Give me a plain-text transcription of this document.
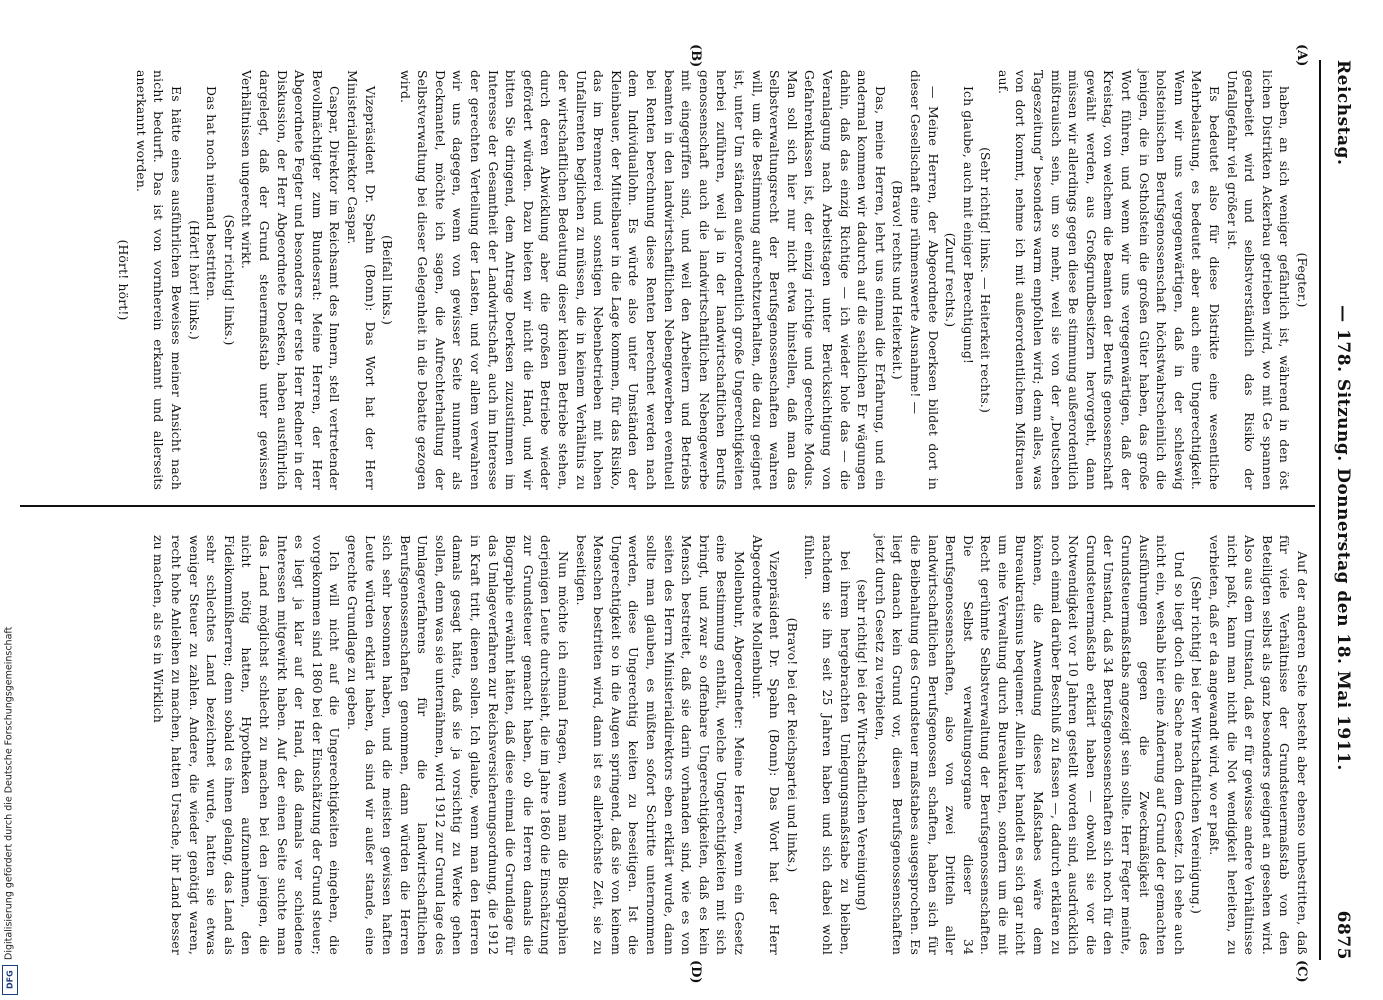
Reichstag.
— 178. Sitzung. Donnerstag den 18. Mai 1911.
6875
(A)
(B)
(C)
(D)

(Fegter.)

haben, an sich weniger gefährlich ist, während in den öst lichen Distrikten Ackerbau getrieben wird, wo mit Ge spannen gearbeitet wird und selbstverständlich das Risiko der Unfallgefahr viel größer ist.

Es bedeutet also für diese Distrikte eine wesentliche Mehrbelastung, es bedeutet aber auch eine Ungerechtigkeit. Wenn wir uns vergegenwärtigen, daß in der schleswig holsteinischen Berufsgenossenschaft höchstwahrscheinlich die jenigen, die in Ostholstein die großen Güter haben, das große Wort führen, und wenn wir uns vergegenwärtigen, daß der Kreistag, von welchem die Beamten der Berufs genossenschaft gewählt werden, aus Großgrundbesitzern hervorgeht, dann müssen wir allerdings gegen diese Be stimmung außerordentlich mißtrauisch sein, um so mehr, weil sie von der „Deutschen Tageszeitung“ besonders warm empfohlen wird; denn alles, was von dort kommt, nehme ich mit außerordentlichem Mißtrauen auf.

(Sehr richtig! links. — Heiterkeit rechts.)

Ich glaube, auch mit einiger Berechtigung!

(Zuruf rechts.)

— Meine Herren, der Abgeordnete Doerksen bildet dort in dieser Gesellschaft eine rühmenswerte Ausnahme! —

(Bravo! rechts und Heiterkeit.)

Das, meine Herren, lehrt uns einmal die Erfahrung, und ein andermal kommen wir dadurch auf die sachlichen Er wägungen dahin, daß das einzig Richtige — ich wieder hole das — die Veranlagung nach Arbeitstagen unter Berücksichtigung von Gefahrenklassen ist, der einzig richtige und gerechte Modus. Man soll sich hier nur nicht etwa hinstellen, daß man das Selbstverwaltungsrecht der Berufsgenossenschaften wahren will, um die Bestimmung aufrechtzuerhalten, die dazu geeignet ist, unter Um ständen außerordentlich große Ungerechtigkeiten herbei zuführen, weil ja in der landwirtschaftlichen Berufs genossenschaft auch die landwirtschaftlichen Nebengewerbe mit eingegriffen sind, und weil den Arbeitern und Betriebs beamten in den landwirtschaftlichen Nebengewerben eventuell bei Renten berechnung diese Renten berechnet werden nach dem Individuallohn. Es würde also unter Umständen der Kleinbauer, der Mittelbauer in die Lage kommen, für das Risiko, das im Brennerei und sonstigen Nebenbetrieben mit hohen Unfallrenten beglichen zu müssen, die in keinem Verhältnis zu der wirtschaftlichen Bedeutung dieser kleinen Betriebe stehen, durch deren Abwicklung aber die großen Betriebe wieder gefördert würden. Dazu bieten wir nicht die Hand, und wir bitten Sie dringend, dem Antrage Doerksen zuzustimmen im Interesse der Gesamtheit der Landwirtschaft, auch im Interesse der gerechten Verteilung der Lasten, und vor allem verwahren wir uns dagegen, wenn von gewisser Seite nunmehr als Deckmantel, möchte ich sagen, die Aufrechterhaltung der Selbstverwaltung bei dieser Gelegenheit in die Debatte gezogen wird.

(Beifall links.)

Vizepräsident Dr. Spahn (Bonn): Das Wort hat der Herr Ministerialdirektor Caspar.

Caspar, Direktor im Reichsamt des Innern, stell vertretender Bevollmächtigter zum Bundesrat: Meine Herren, der Herr Abgeordnete Fegter und besonders der erste Herr Redner in der Diskussion, der Herr Abgeordnete Doerksen, haben ausführlich dargelegt, daß der Grund steuermaßstab unter gewissen Verhältnissen ungerecht wirkt.

(Sehr richtig! links.)

Das hat noch niemand bestritten.

(Hört! hört! links.)

Es hätte eines ausführlichen Beweises meiner Ansicht nach nicht bedurft. Das ist von vornherein erkannt und allerseits anerkannt worden.

(Hört! hört!)

Auf der anderen Seite besteht aber ebenso unbestritten, daß für viele Verhältnisse der Grundsteuermaßstab von den Beteiligten selbst als ganz besonders geeignet an gesehen wird. Also aus dem Umstand, daß er für gewisse andere Verhältnisse nicht paßt, kann man nicht die Not wendigkeit herleiten, zu verbieten, daß er da angewandt wird, wo er paßt.

(Sehr richtig! bei der Wirtschaftlichen Vereinigung.)

Und so liegt doch die Sache nach dem Gesetz. Ich sehe auch nicht ein, weshalb hier eine Änderung auf Grund der gemachten Ausführungen gegen die Zweckmäßigkeit des Grundsteuermaßstabs angezeigt sein sollte. Herr Fegter meinte, der Umstand, daß 34 Berufsgenossenschaften sich noch für den Grundsteuermaßstab erklärt haben — obwohl sie vor die Notwendigkeit vor 10 Jahren gestellt worden sind, ausdrücklich noch einmal darüber Beschluß zu fassen —, dadurch erklären zu können, die Anwendung dieses Maßstabes wäre dem Bureaukratismus bequemer. Allein hier handelt es sich gar nicht um eine Verwaltung durch Bureaukraten, sondern um die mit Recht gerühmte Selbstverwaltung der Berufsgenossenschaften. Die Selbst verwaltungsorgane dieser 34 Berufsgenossenschaften, also von zwei Dritteln aller landwirtschaftlichen Berufsgenossen schaften, haben sich für die Beibehaltung des Grundsteuer maßstabes ausgesprochen. Es liegt danach kein Grund vor, diesen Berufsgenossenschaften jetzt durch Gesetz zu verbieten,

(sehr richtig! bei der Wirtschaftlichen Vereinigung)

bei ihrem hergebrachten Umlegungsmaßstabe zu bleiben, nachdem sie ihn seit 25 Jahren haben und sich dabei wohl fühlen.

(Bravo! bei der Reichspartei und links.)

Vizepräsident Dr. Spahn (Bonn): Das Wort hat der Herr Abgeordnete Mollenbuhr.

Mollenbuhr, Abgeordneter: Meine Herren, wenn ein Gesetz eine Bestimmung enthält, welche Ungerechtigkeiten mit sich bringt, und zwar so offenbare Ungerechtigkeiten, daß es kein Mensch bestreitet, daß sie darin vorhanden sind, wie es von seiten des Herrn Ministerialdirektors eben erklärt wurde, dann sollte man glauben, es müßten sofort Schritte unternommen werden, diese Ungerechtig keiten zu beseitigen. Ist die Ungerechtigkeit so in die Augen springend, daß sie von keinem Menschen bestritten wird, dann ist es allerhöchste Zeit, sie zu beseitigen.

Nun möchte ich einmal fragen, wenn man die Biographien derjenigen Leute durchsieht, die im Jahre 1860 die Einschätzung zur Grundsteuer gemacht haben, ob die Herren damals die Biographie erwähnt hätten, daß diese einmal die Grundlage für das Umlageverfahren zur Reichsversicherungsordnung, die 1912 in Kraft tritt, dienen sollen. Ich glaube, wenn man den Herren damals gesagt hätte, daß sie ja vorsichtig zu Werke gehen sollen, denn was sie unternähmen, wird 1912 zur Grund lage des Umlageverfahrens für die landwirtschaftlichen Berufsgenossenschaften genommen, dann würden die Herren sich sehr besonnen haben, und die meisten gewissen haften Leute würden erklärt haben, da sind wir außer stande, eine gerechte Grundlage zu geben.

Ich will nicht auf die Ungerechtigkeiten eingehen, die vorgekommen sind 1860 bei der Einschätzung der Grund steuer; es liegt ja klar auf der Hand, daß damals ver schiedene Interessen mitgewirkt haben. Auf der einen Seite suchte man das Land möglichst schlecht zu machen bei den jenigen, die nicht nötig hatten, Hypotheken aufzunehmen, den Fideikommißherren; denn sobald es ihnen gelang, das Land als sehr schlechtes Land bezeichnet wurde, hatten sie etwas weniger Steuer zu zahlen. Andere, die wieder genötigt waren, recht hohe Anleihen zu machen, hatten Ursache, ihr Land besser zu machen, als es in Wirklich

Digitalisierung gefördert durch die Deutsche Forschungsgemeinschaft
DFG
